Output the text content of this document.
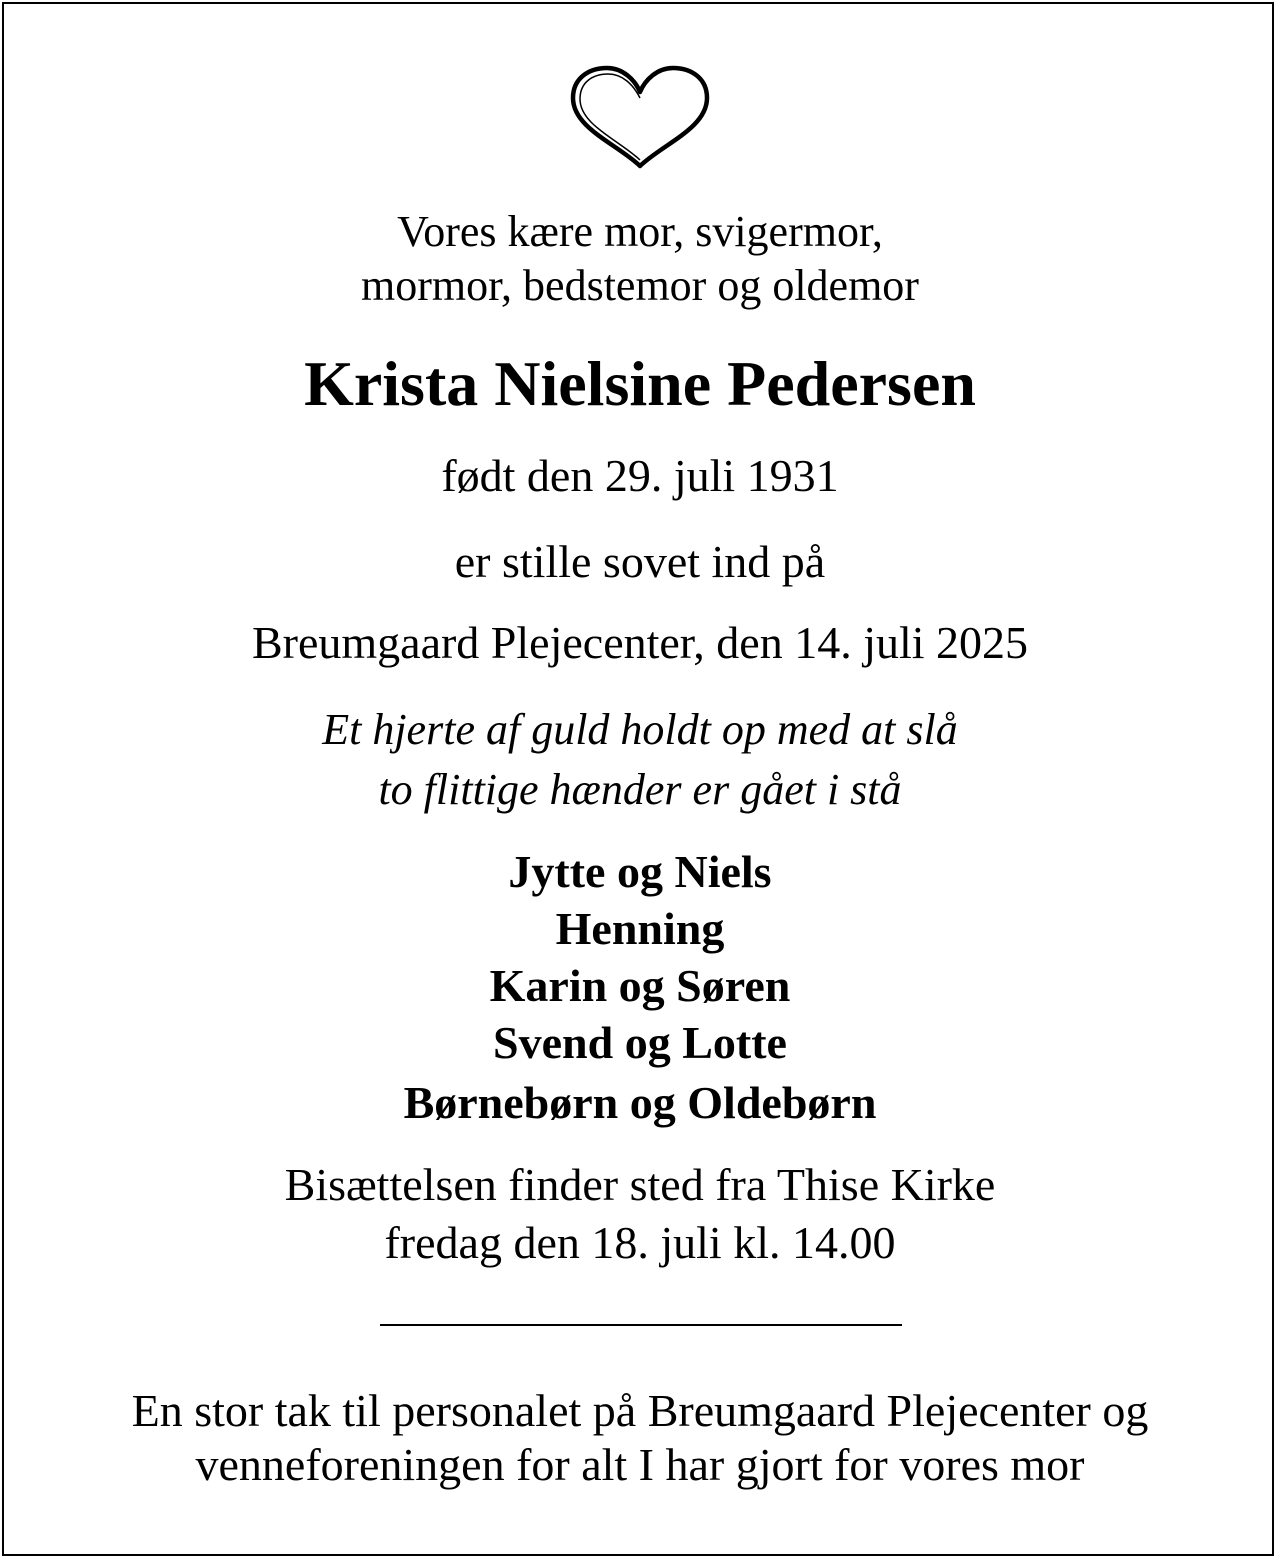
Vores kære mor, svigermor,
mormor, bedstemor og oldemor
Krista Nielsine Pedersen
født den 29. juli 1931
er stille sovet ind på
Breumgaard Plejecenter, den 14. juli 2025
Et hjerte af guld holdt op med at slå
to flittige hænder er gået i stå
Jytte og Niels
Henning
Karin og Søren
Svend og Lotte
Børnebørn og Oldebørn
Bisættelsen finder sted fra Thise Kirke
fredag den 18. juli kl. 14.00
En stor tak til personalet på Breumgaard Plejecenter og
venneforeningen for alt I har gjort for vores mor
